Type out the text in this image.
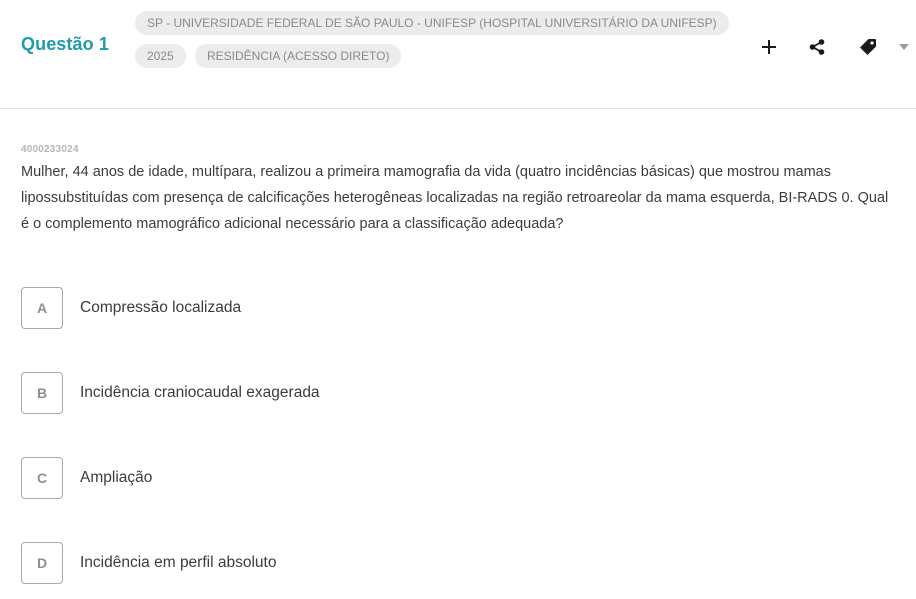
Questão 1
SP - UNIVERSIDADE FEDERAL DE SÃO PAULO - UNIFESP (HOSPITAL UNIVERSITÁRIO DA UNIFESP)
2025	RESIDÊNCIA (ACESSO DIRETO)
4000233024
Mulher, 44 anos de idade, multípara, realizou a primeira mamografia da vida (quatro incidências básicas) que mostrou mamas lipossubstituídas com presença de calcificações heterogêneas localizadas na região retroareolar da mama esquerda, BI-RADS 0. Qual é o complemento mamográfico adicional necessário para a classificação adequada?
A	Compressão localizada
B	Incidência craniocaudal exagerada
C	Ampliação
D	Incidência em perfil absoluto
